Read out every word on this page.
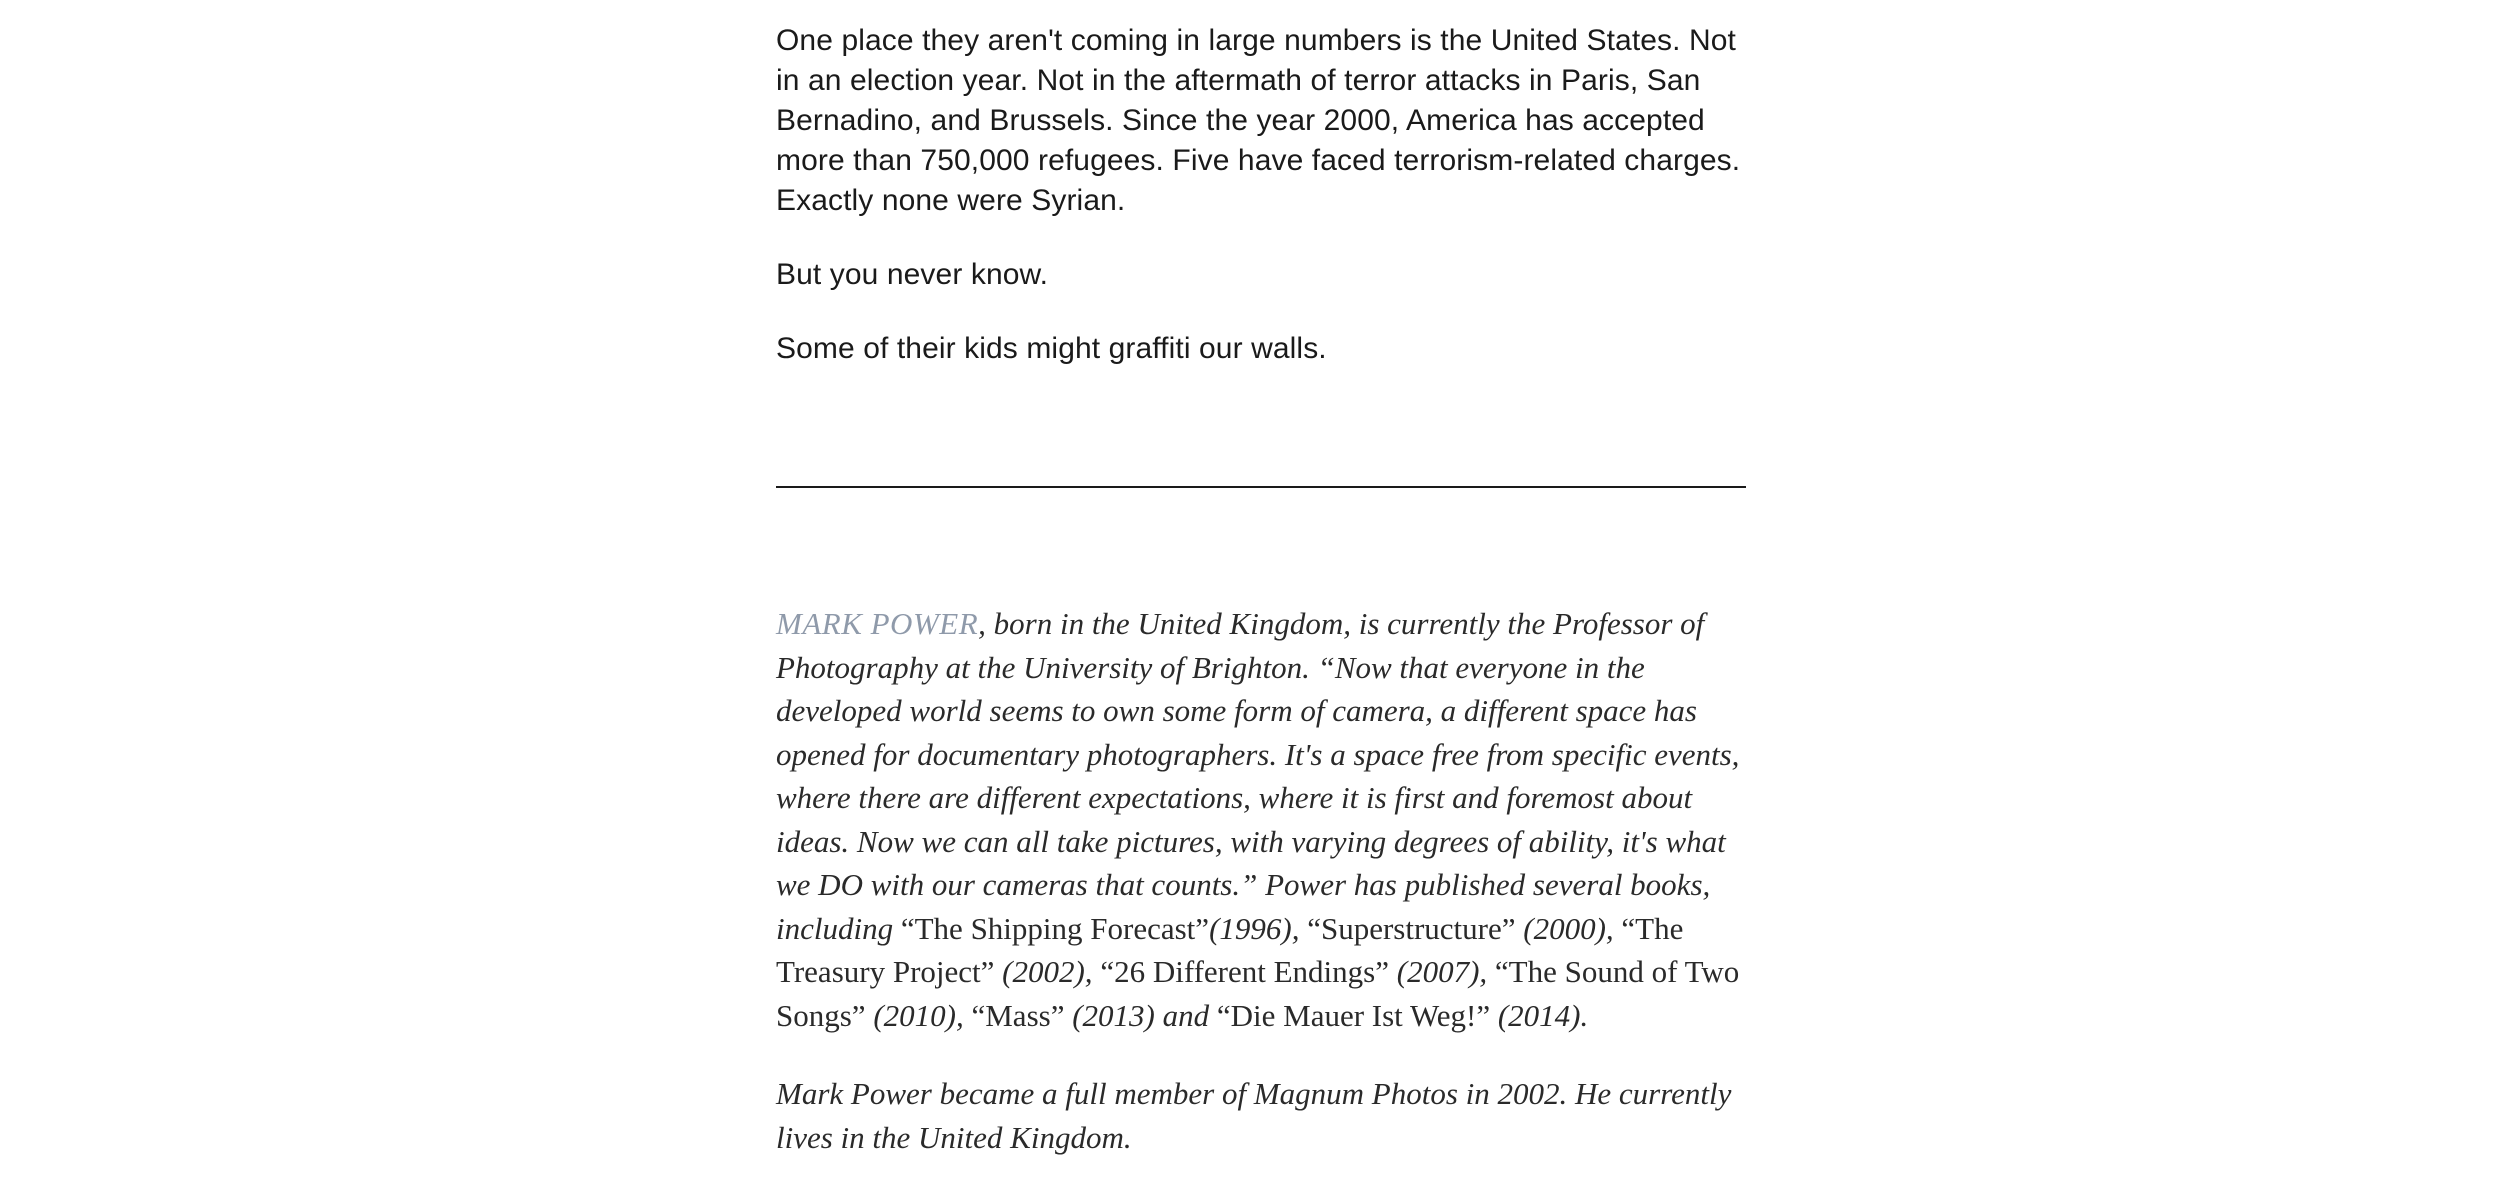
One place they aren't coming in large numbers is the United States. Not in an election year. Not in the aftermath of terror attacks in Paris, San Bernadino, and Brussels. Since the year 2000, America has accepted more than 750,000 refugees. Five have faced terrorism-related charges. Exactly none were Syrian.

But you never know.

Some of their kids might graffiti our walls.

MARK POWER, born in the United Kingdom, is currently the Professor of Photography at the University of Brighton. “Now that everyone in the developed world seems to own some form of camera, a different space has opened for documentary photographers. It's a space free from specific events, where there are different expectations, where it is first and foremost about ideas. Now we can all take pictures, with varying degrees of ability, it's what we DO with our cameras that counts.” Power has published several books, including “The Shipping Forecast”(1996), “Superstructure” (2000), “The Treasury Project” (2002), “26 Different Endings” (2007), “The Sound of Two Songs” (2010), “Mass” (2013) and “Die Mauer Ist Weg!” (2014).

Mark Power became a full member of Magnum Photos in 2002. He currently lives in the United Kingdom.
